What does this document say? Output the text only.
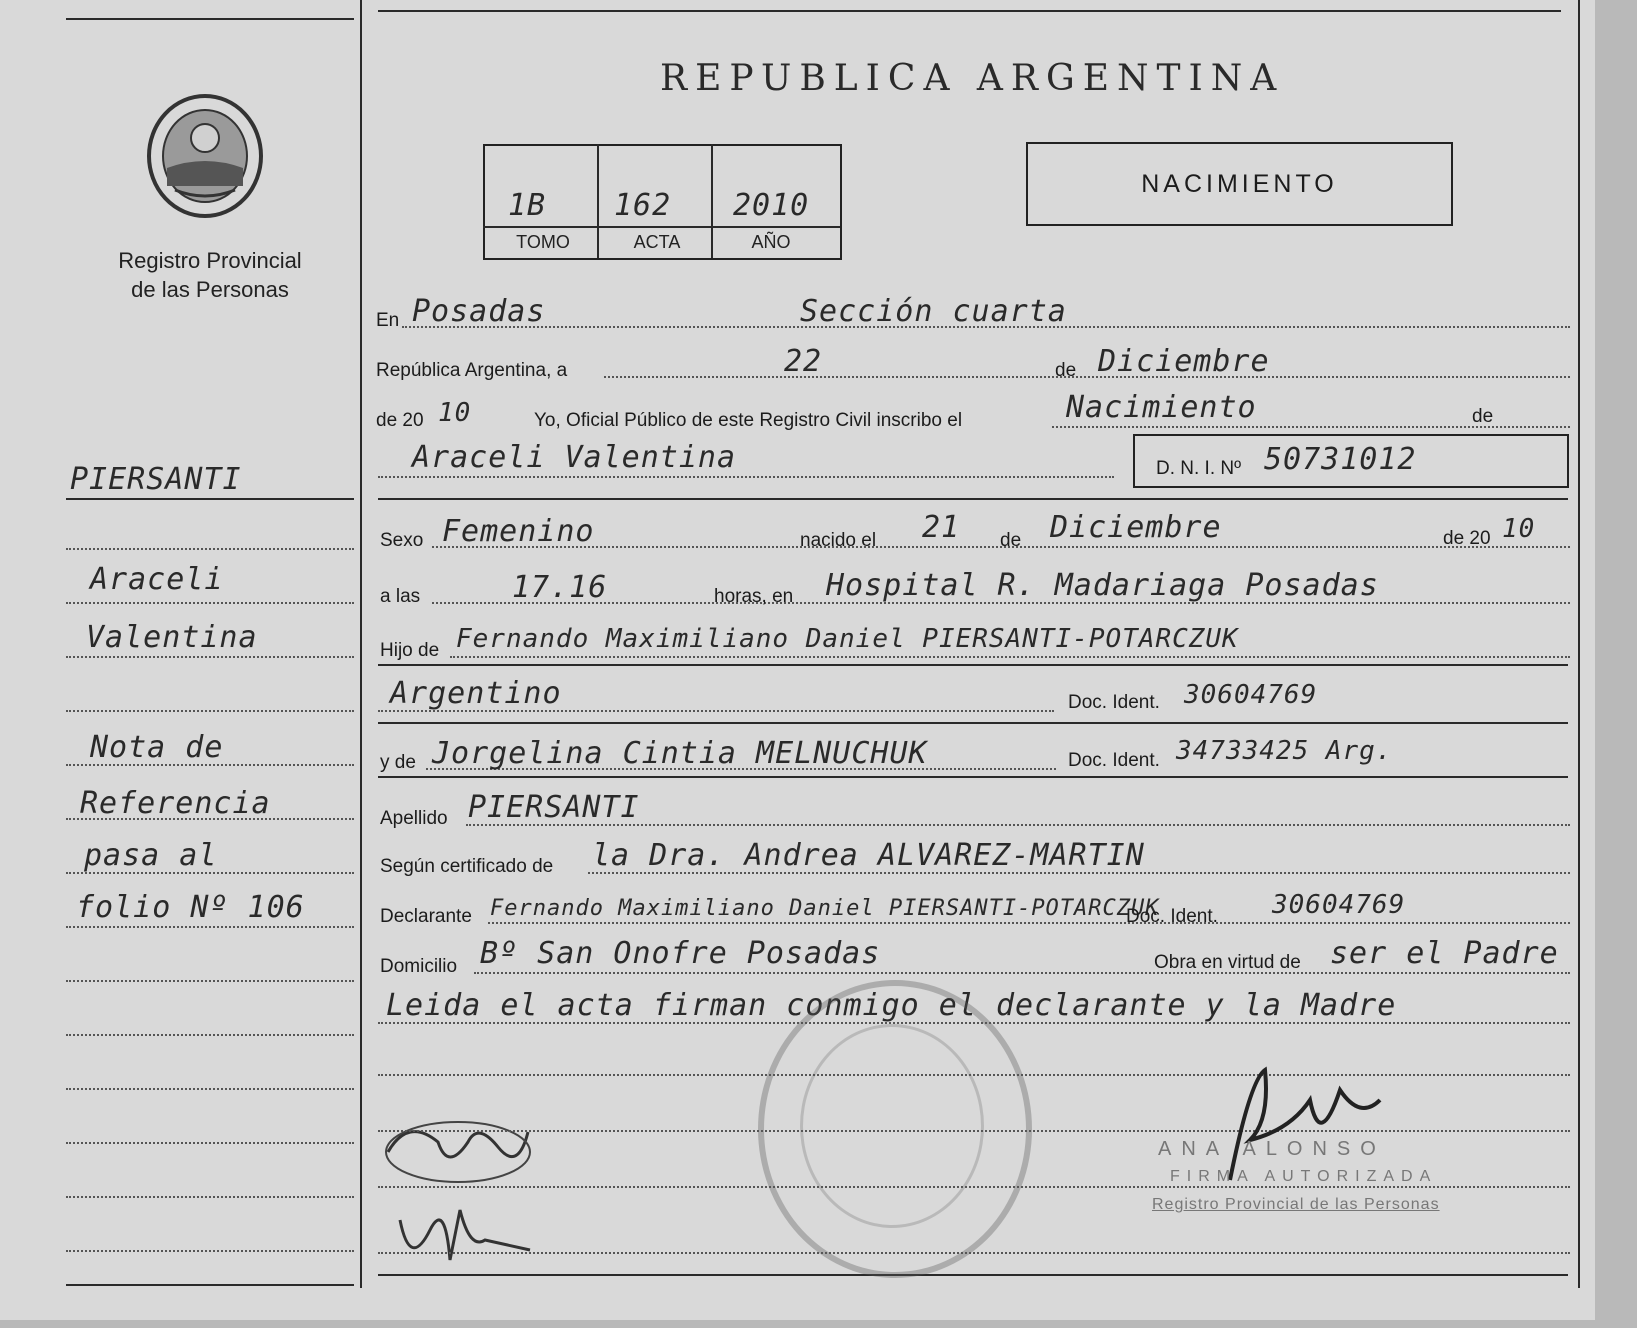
Registro Provincial
de las Personas
PIERSANTI
Araceli
Valentina
Nota de
Referencia
pasa al
folio Nº 106
REPUBLICA ARGENTINA
1B 162 2010
TOMO	ACTA	AÑO
NACIMIENTO
En Posadas	Sección cuarta
República Argentina, a	22	de Diciembre
de 20 10	Yo, Oficial Público de este Registro Civil inscribo el	Nacimiento	de
Araceli Valentina	D. N. I. Nº 50731012
Sexo Femenino	nacido el 21 de Diciembre	de 20 10
a las	17.16	horas, en Hospital R. Madariaga Posadas
Hijo de Fernando Maximiliano Daniel PIERSANTI-POTARCZUK
Argentino	Doc. Ident. 30604769
y de Jorgelina Cintia MELNUCHUK	Doc. Ident. 34733425 Arg.
Apellido PIERSANTI
Según certificado de la Dra. Andrea ALVAREZ-MARTIN
Declarante Fernando Maximiliano Daniel PIERSANTI-POTARCZUK
Doc. Ident. 30604769
Domicilio Bº San Onofre Posadas	Obra en virtud de ser el Padre
Leida el acta firman conmigo el declarante y la Madre
ANA ALONSO
FIRMA AUTORIZADA
Registro Provincial de las Personas
